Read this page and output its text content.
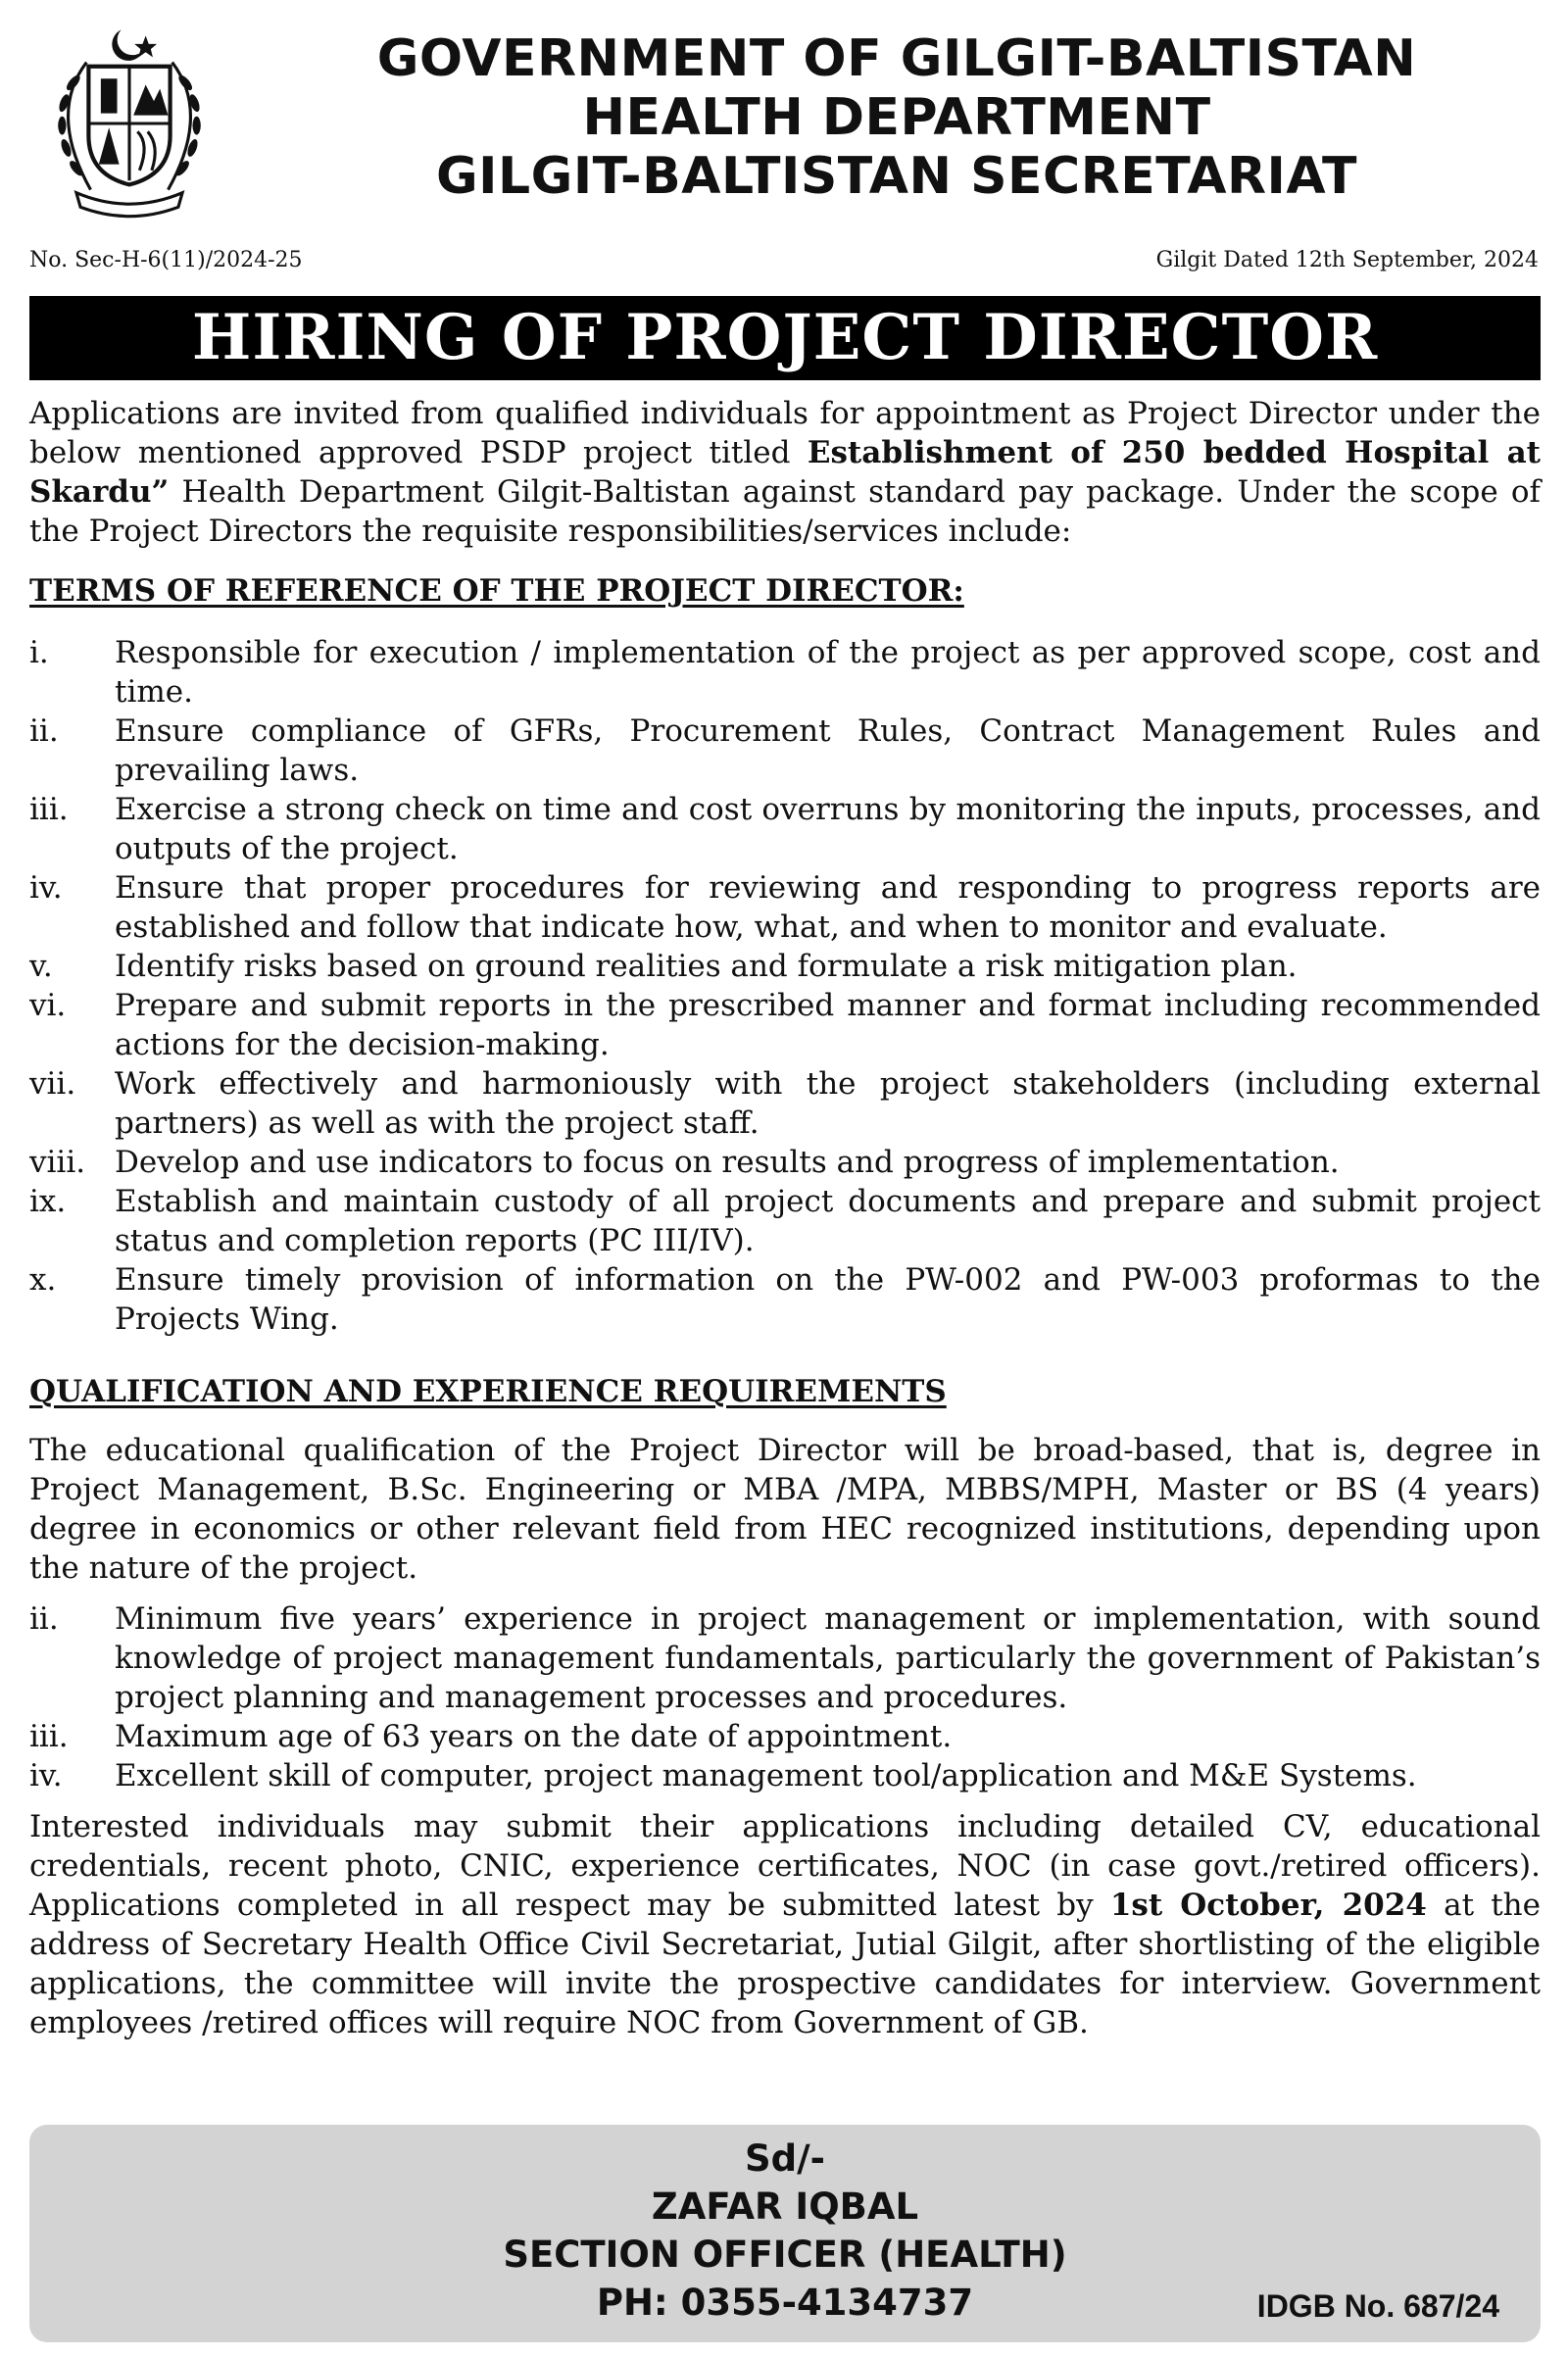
GOVERNMENT OF GILGIT-BALTISTAN
HEALTH DEPARTMENT
GILGIT-BALTISTAN SECRETARIAT
No. Sec-H-6(11)/2024-25	Gilgit Dated 12th September, 2024
HIRING OF PROJECT DIRECTOR
Applications are invited from qualified individuals for appointment as Project Director under the below mentioned approved PSDP project titled Establishment of 250 bedded Hospital at Skardu” Health Department Gilgit-Baltistan against standard pay package. Under the scope of the Project Directors the requisite responsibilities/services include:
TERMS OF REFERENCE OF THE PROJECT DIRECTOR:
i. Responsible for execution / implementation of the project as per approved scope, cost and time.
ii. Ensure compliance of GFRs, Procurement Rules, Contract Management Rules and prevailing laws.
iii. Exercise a strong check on time and cost overruns by monitoring the inputs, processes, and outputs of the project.
iv. Ensure that proper procedures for reviewing and responding to progress reports are established and follow that indicate how, what, and when to monitor and evaluate.
v. Identify risks based on ground realities and formulate a risk mitigation plan.
vi. Prepare and submit reports in the prescribed manner and format including recommended actions for the decision-making.
vii. Work effectively and harmoniously with the project stakeholders (including external partners) as well as with the project staff.
viii. Develop and use indicators to focus on results and progress of implementation.
ix. Establish and maintain custody of all project documents and prepare and submit project status and completion reports (PC III/IV).
x. Ensure timely provision of information on the PW-002 and PW-003 proformas to the Projects Wing.
QUALIFICATION AND EXPERIENCE REQUIREMENTS
The educational qualification of the Project Director will be broad-based, that is, degree in Project Management, B.Sc. Engineering or MBA /MPA, MBBS/MPH, Master or BS (4 years) degree in economics or other relevant field from HEC recognized institutions, depending upon the nature of the project.
ii. Minimum five years’ experience in project management or implementation, with sound knowledge of project management fundamentals, particularly the government of Pakistan’s project planning and management processes and procedures.
iii. Maximum age of 63 years on the date of appointment.
iv. Excellent skill of computer, project management tool/application and M&E Systems.
Interested individuals may submit their applications including detailed CV, educational credentials, recent photo, CNIC, experience certificates, NOC (in case govt./retired officers). Applications completed in all respect may be submitted latest by 1st October, 2024 at the address of Secretary Health Office Civil Secretariat, Jutial Gilgit, after shortlisting of the eligible applications, the committee will invite the prospective candidates for interview. Government employees /retired offices will require NOC from Government of GB.
Sd/-
ZAFAR IQBAL
SECTION OFFICER (HEALTH)
PH: 0355-4134737	IDGB No. 687/24
